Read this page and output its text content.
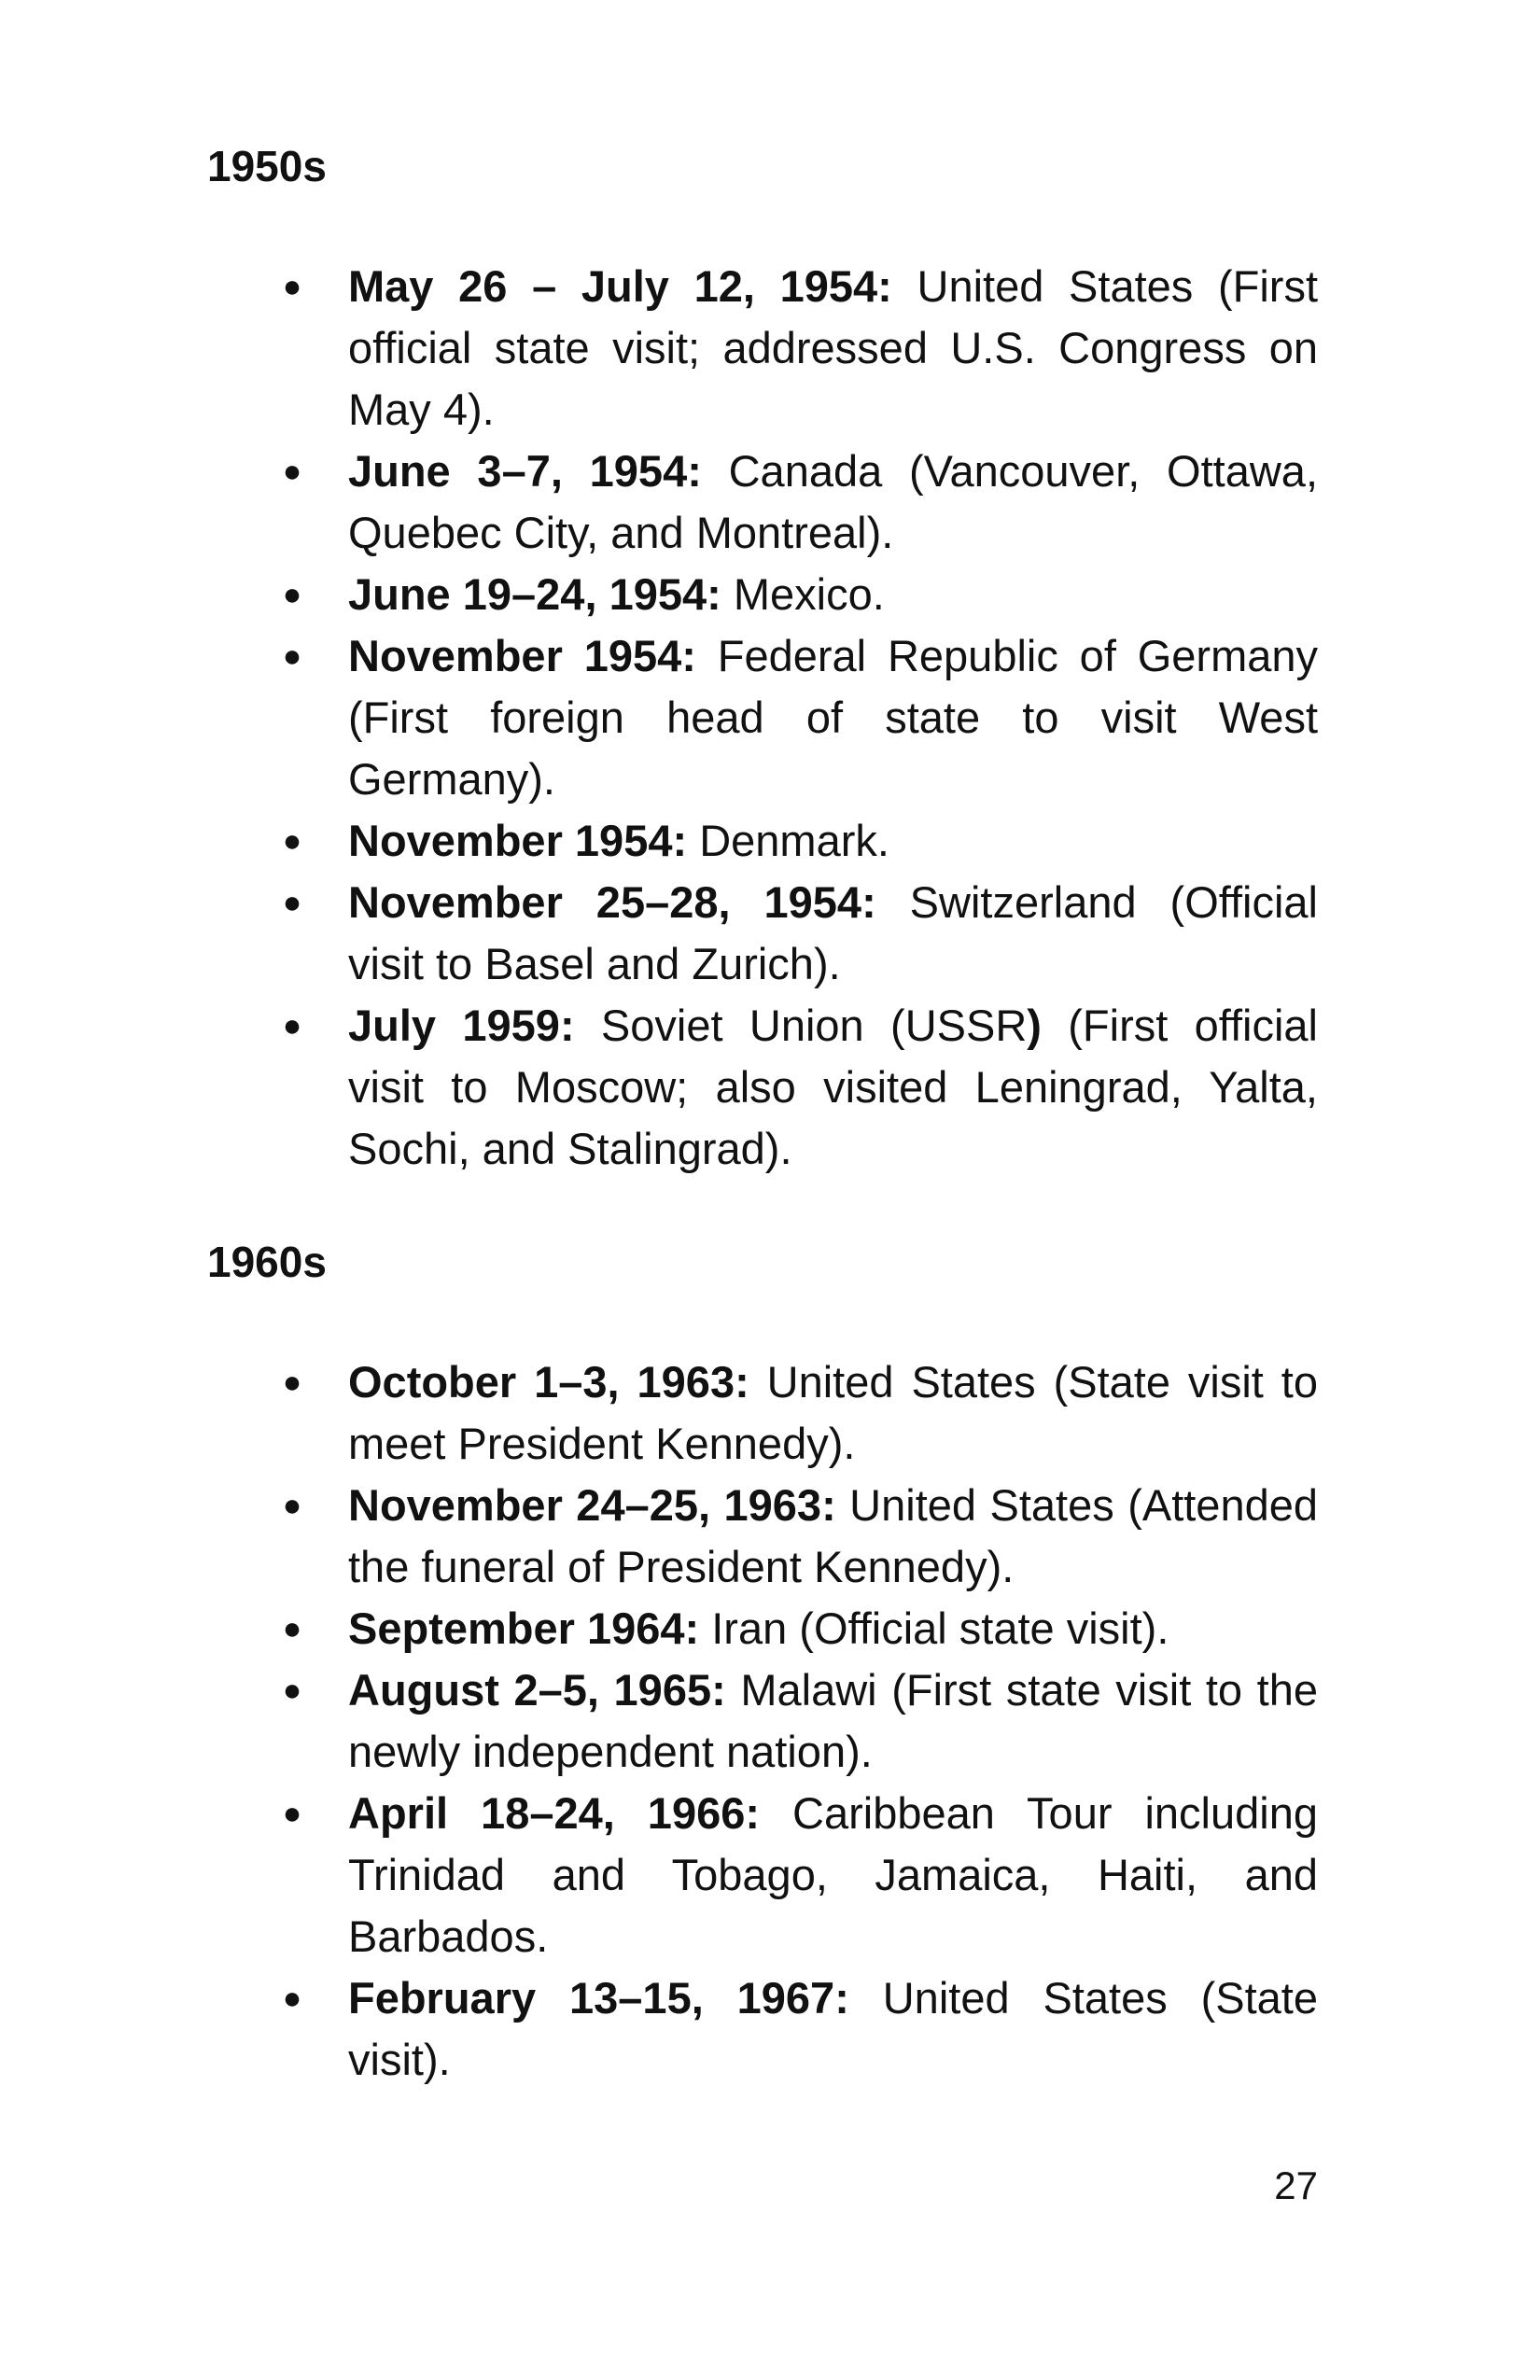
1950s
● May 26 – July 12, 1954: United States (First official state visit; addressed U.S. Congress on May 4).
● June 3–7, 1954: Canada (Vancouver, Ottawa, Quebec City, and Montreal).
● June 19–24, 1954: Mexico.
● November 1954: Federal Republic of Germany (First foreign head of state to visit West Germany).
● November 1954: Denmark.
● November 25–28, 1954: Switzerland (Official visit to Basel and Zurich).
● July 1959: Soviet Union (USSR) (First official visit to Moscow; also visited Leningrad, Yalta, Sochi, and Stalingrad).
1960s
● October 1–3, 1963: United States (State visit to meet President Kennedy).
● November 24–25, 1963: United States (Attended the funeral of President Kennedy).
● September 1964: Iran (Official state visit).
● August 2–5, 1965: Malawi (First state visit to the newly independent nation).
● April 18–24, 1966: Caribbean Tour including Trinidad and Tobago, Jamaica, Haiti, and Barbados.
● February 13–15, 1967: United States (State visit).
27
